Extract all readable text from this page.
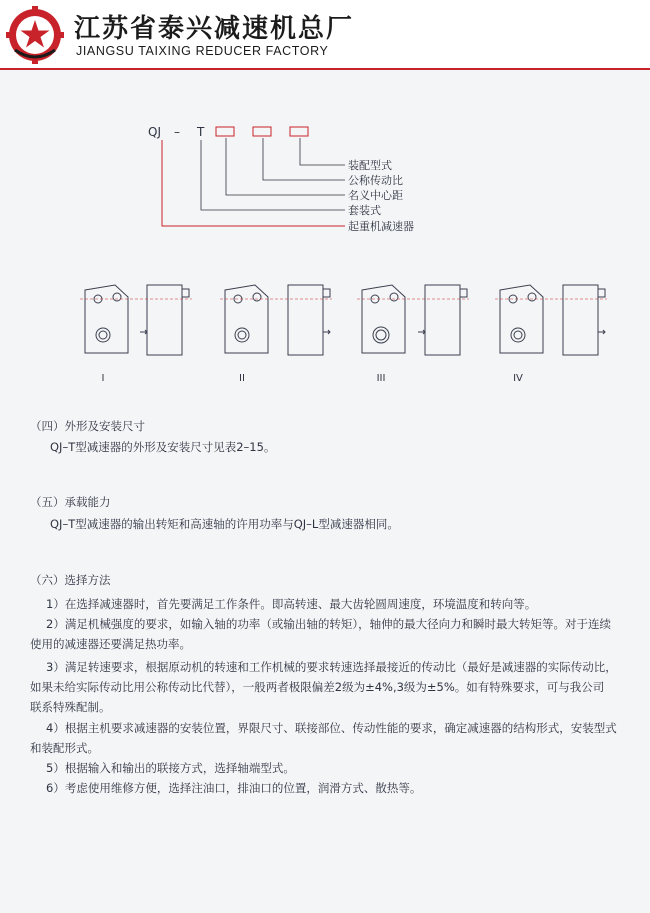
江苏省泰兴减速机总厂
JIANGSU TAIXING REDUCER FACTORY
QJ – T
装配型式
公称传动比
名义中心距
套装式
起重机减速器
I	II	III	IV
（四）外形及安装尺寸
QJ–T型减速器的外形及安装尺寸见表2–15。
（五）承载能力
QJ–T型减速器的输出转矩和高速轴的许用功率与QJ–L型减速器相同。
（六）选择方法
1）在选择减速器时，首先要满足工作条件。即高转速、最大齿轮圆周速度，环境温度和转向等。
2）满足机械强度的要求，如输入轴的功率（或输出轴的转矩），轴伸的最大径向力和瞬时最大转矩等。对于连续
使用的减速器还要满足热功率。
3）满足转速要求，根据原动机的转速和工作机械的要求转速选择最接近的传动比（最好是减速器的实际传动比，
如果未给实际传动比用公称传动比代替），一般两者极限偏差2级为±4%,3级为±5%。如有特殊要求，可与我公司
联系特殊配制。
4）根据主机要求减速器的安装位置，界限尺寸、联接部位、传动性能的要求，确定减速器的结构形式，安装型式
和装配形式。
5）根据输入和输出的联接方式，选择轴端型式。
6）考虑使用维修方便，选择注油口，排油口的位置，润滑方式、散热等。
